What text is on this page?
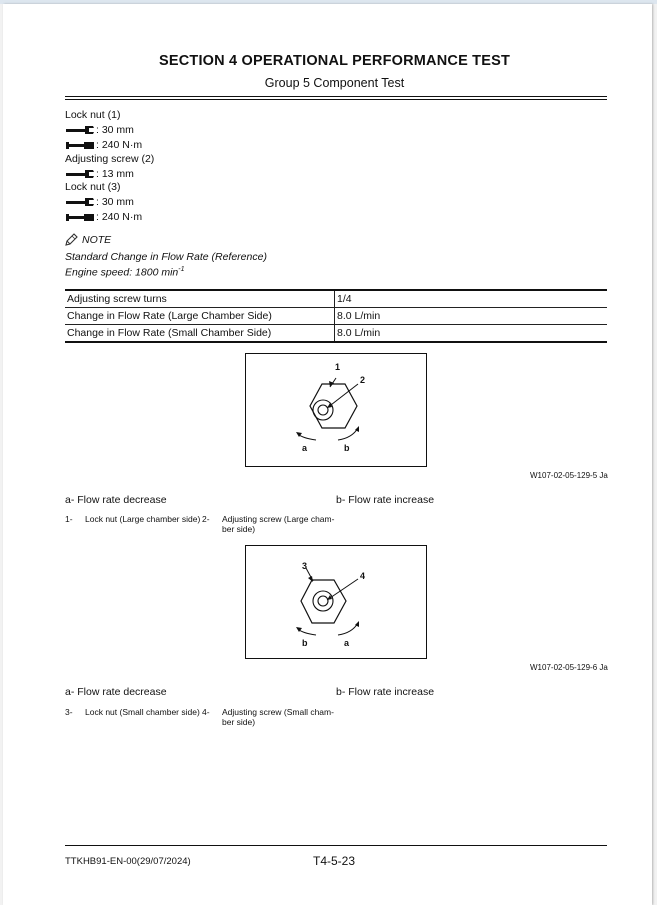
SECTION 4 OPERATIONAL PERFORMANCE TEST
Group 5 Component Test
Lock nut (1)
: 30 mm
: 240 N·m
Adjusting screw (2)
: 13 mm
Lock nut (3)
: 30 mm
: 240 N·m
NOTE
Standard Change in Flow Rate (Reference)
Engine speed: 1800 $\min^{-1}$
Adjusting screw turns	1/4
Change in Flow Rate (Large Chamber Side)	8.0 L/min
Change in Flow Rate (Small Chamber Side)	8.0 L/min
1
2
a	b
W107-02-05-129-5 Ja
a- Flow rate decrease	b- Flow rate increase
1- Lock nut (Large chamber side) 2- Adjusting screw (Large cham-
ber side)
3
4
b	a
W107-02-05-129-6 Ja
a- Flow rate decrease	b- Flow rate increase
3- Lock nut (Small chamber side) 4- Adjusting screw (Small cham-
ber side)
TTKHB91-EN-00(29/07/2024)	T4-5-23
